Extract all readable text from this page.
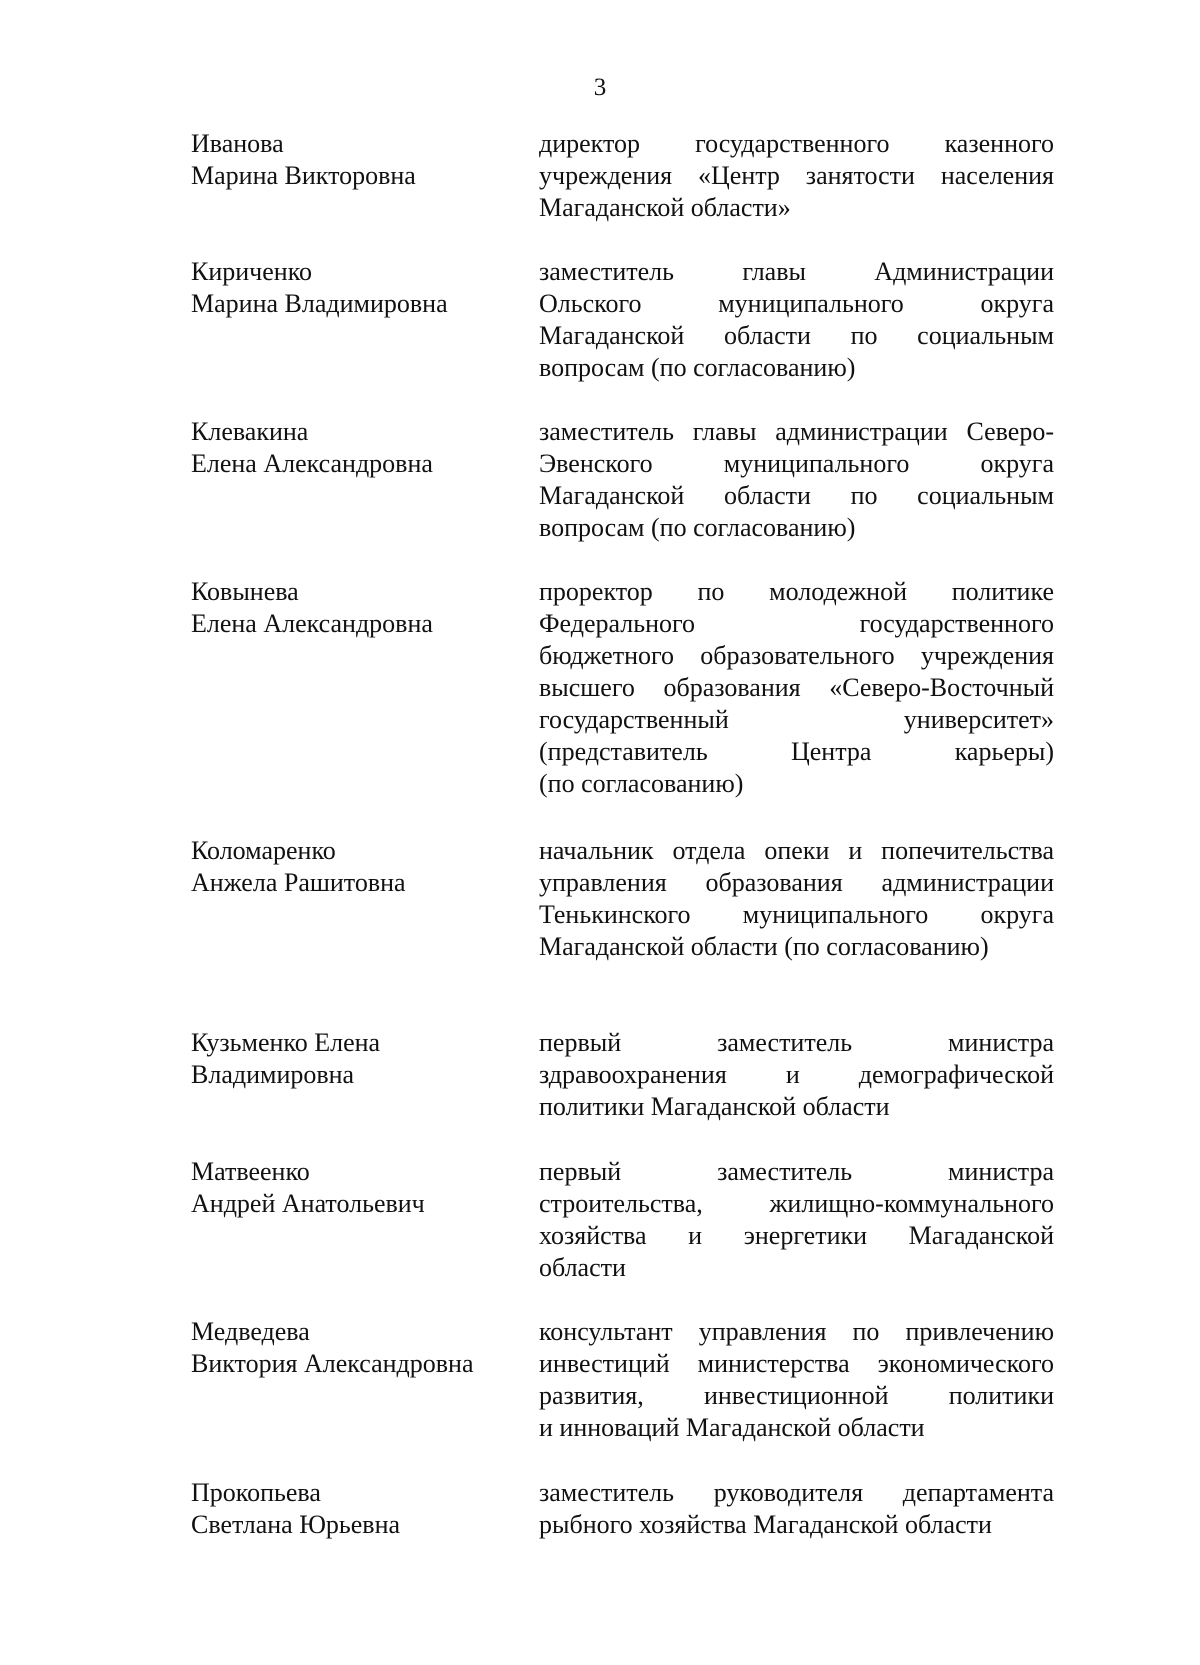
3
Иванова
Марина Викторовна
директор государственного казенного
учреждения «Центр занятости населения
Магаданской области»
Кириченко
Марина Владимировна
заместитель главы Администрации
Ольского муниципального округа
Магаданской области по социальным
вопросам (по согласованию)
Клевакина
Елена Александровна
заместитель главы администрации Северо-
Эвенского муниципального округа
Магаданской области по социальным
вопросам (по согласованию)
Ковынева
Елена Александровна
проректор по молодежной политике
Федерального государственного
бюджетного образовательного учреждения
высшего образования «Северо-Восточный
государственный университет»
(представитель Центра карьеры)
(по согласованию)
Коломаренко
Анжела Рашитовна
начальник отдела опеки и попечительства
управления образования администрации
Тенькинского муниципального округа
Магаданской области (по согласованию)
Кузьменко Елена
Владимировна
первый заместитель министра
здравоохранения и демографической
политики Магаданской области
Матвеенко
Андрей Анатольевич
первый заместитель министра
строительства, жилищно-коммунального
хозяйства и энергетики Магаданской
области
Медведева
Виктория Александровна
консультант управления по привлечению
инвестиций министерства экономического
развития, инвестиционной политики
и инноваций Магаданской области
Прокопьева
Светлана Юрьевна
заместитель руководителя департамента
рыбного хозяйства Магаданской области
